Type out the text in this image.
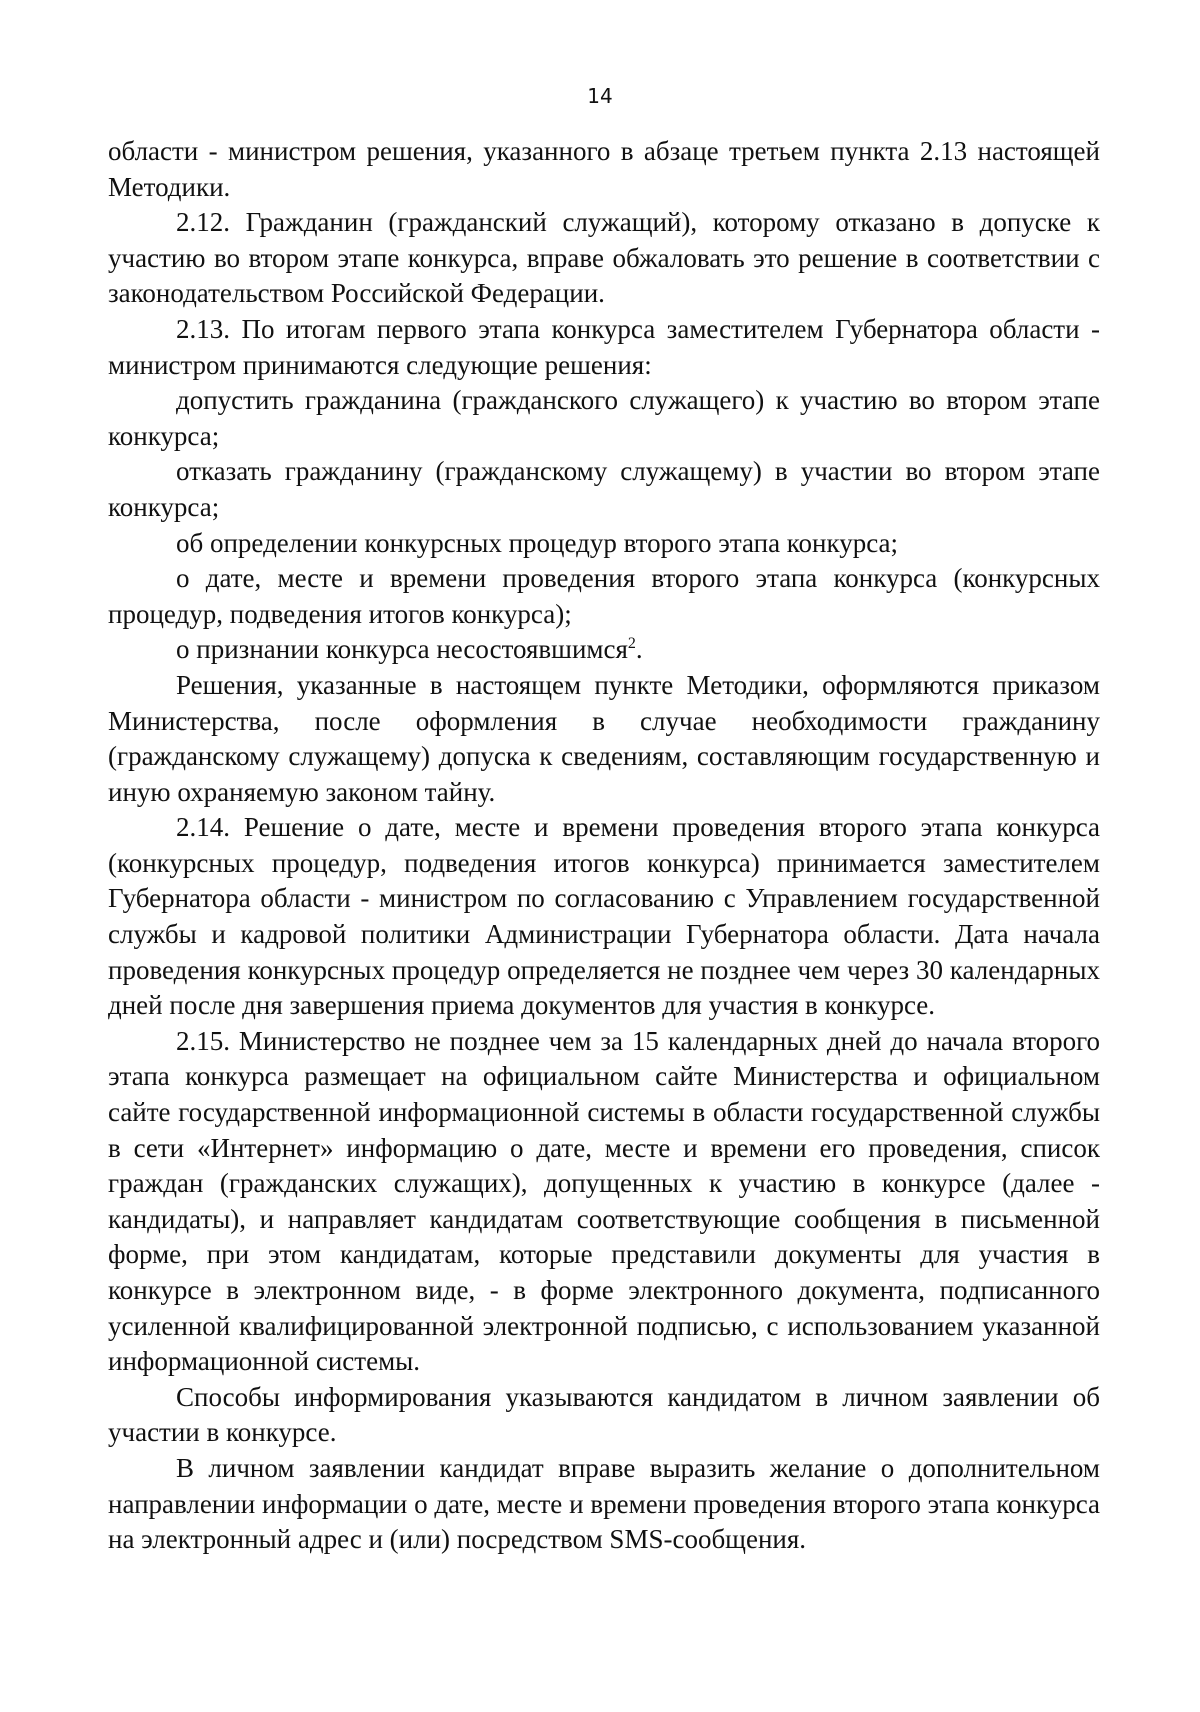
14

области - министром решения, указанного в абзаце третьем пункта 2.13 настоящей Методики.

2.12. Гражданин (гражданский служащий), которому отказано в допуске к участию во втором этапе конкурса, вправе обжаловать это решение в соответствии с законодательством Российской Федерации.

2.13. По итогам первого этапа конкурса заместителем Губернатора области - министром принимаются следующие решения:

допустить гражданина (гражданского служащего) к участию во втором этапе конкурса;

отказать гражданину (гражданскому служащему) в участии во втором этапе конкурса;

об определении конкурсных процедур второго этапа конкурса;

о дате, месте и времени проведения второго этапа конкурса (конкурсных процедур, подведения итогов конкурса);

о признании конкурса несостоявшимся$^2$.

Решения, указанные в настоящем пункте Методики, оформляются приказом Министерства, после оформления в случае необходимости гражданину (гражданскому служащему) допуска к сведениям, составляющим государственную и иную охраняемую законом тайну.

2.14. Решение о дате, месте и времени проведения второго этапа конкурса (конкурсных процедур, подведения итогов конкурса) принимается заместителем Губернатора области - министром по согласованию с Управлением государственной службы и кадровой политики Администрации Губернатора области. Дата начала проведения конкурсных процедур определяется не позднее чем через 30 календарных дней после дня завершения приема документов для участия в конкурсе.

2.15. Министерство не позднее чем за 15 календарных дней до начала второго этапа конкурса размещает на официальном сайте Министерства и официальном сайте государственной информационной системы в области государственной службы в сети «Интернет» информацию о дате, месте и времени его проведения, список граждан (гражданских служащих), допущенных к участию в конкурсе (далее - кандидаты), и направляет кандидатам соответствующие сообщения в письменной форме, при этом кандидатам, которые представили документы для участия в конкурсе в электронном виде, - в форме электронного документа, подписанного усиленной квалифицированной электронной подписью, с использованием указанной информационной системы.

Способы информирования указываются кандидатом в личном заявлении об участии в конкурсе.

В личном заявлении кандидат вправе выразить желание о дополнительном направлении информации о дате, месте и времени проведения второго этапа конкурса на электронный адрес и (или) посредством SMS-сообщения.
